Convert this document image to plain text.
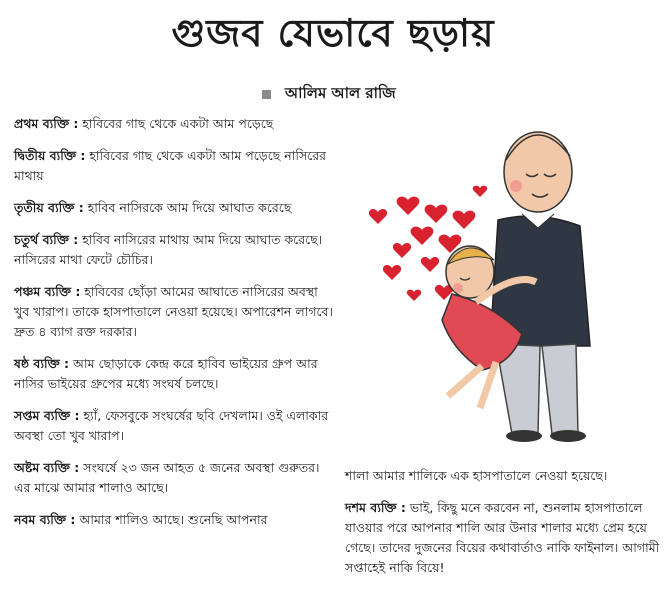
গুজব যেভাবে ছড়ায়
আলিম আল রাজি
প্রথম ব্যক্তি : হাবিবের গাছ থেকে একটা আম পড়েছে
দ্বিতীয় ব্যক্তি : হাবিবের গাছ থেকে একটা আম পড়েছে নাসিরের মাথায়
তৃতীয় ব্যক্তি : হাবিব নাসিরকে আম দিয়ে আঘাত করেছে
চতুর্থ ব্যক্তি : হাবিব নাসিরের মাথায় আম দিয়ে আঘাত করেছে। নাসিরের মাথা ফেটে চৌচির।
পঞ্চম ব্যক্তি : হাবিবের ছোঁড়া আমের আঘাতে নাসিরের অবস্থা খুব খারাপ। তাকে হাসপাতালে নেওয়া হয়েছে। অপারেশন লাগবে। দ্রুত ৪ ব্যাগ রক্ত দরকার।
ষষ্ঠ ব্যক্তি : আম ছোড়াকে কেন্দ্র করে হাবিব ভাইয়ের গ্রুপ আর নাসির ভাইয়ের গ্রুপের মধ্যে সংঘর্ষ চলছে।
সপ্তম ব্যক্তি : হ্যাঁ, ফেসবুকে সংঘর্ষের ছবি দেখলাম। ওই এলাকার অবস্থা তো খুব খারাপ।
অষ্টম ব্যক্তি : সংঘর্ষে ২৩ জন আহত ৫ জনের অবস্থা গুরুতর। এর মাঝে আমার শালাও আছে।
নবম ব্যক্তি : আমার শালিও আছে। শুনেছি আপনার
শালা আমার শালিকে এক হাসপাতালে নেওয়া হয়েছে।
দশম ব্যক্তি : ভাই, কিছু মনে করবেন না, শুনলাম হাসপাতালে যাওয়ার পরে আপনার শালি আর উনার শালার মধ্যে প্রেম হয়ে গেছে। তাদের দুজনের বিয়ের কথাবার্তাও নাকি ফাইনাল। আগামী সপ্তাহেই নাকি বিয়ে!
